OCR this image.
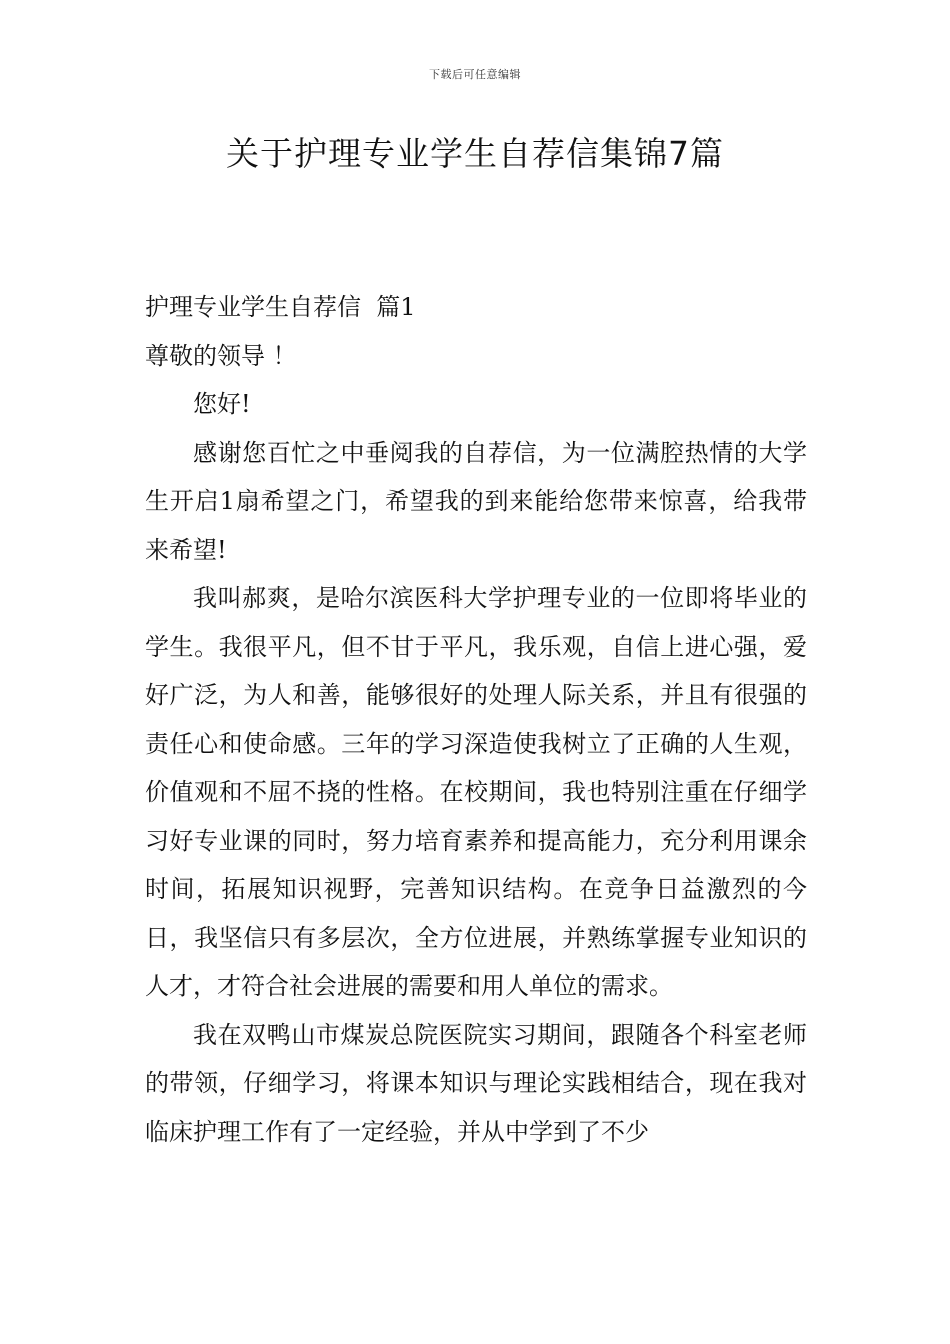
下载后可任意编辑
关于护理专业学生自荐信集锦7篇

护理专业学生自荐信  篇1

尊敬的领导 ！

您好!

感谢您百忙之中垂阅我的自荐信，为一位满腔热情的大学生开启1扇希望之门，希望我的到来能给您带来惊喜，给我带来希望!

我叫郝爽，是哈尔滨医科大学护理专业的一位即将毕业的学生。我很平凡，但不甘于平凡，我乐观，自信上进心强，爱好广泛，为人和善，能够很好的处理人际关系，并且有很强的责任心和使命感。三年的学习深造使我树立了正确的人生观，价值观和不屈不挠的性格。在校期间，我也特别注重在仔细学习好专业课的同时，努力培育素养和提高能力，充分利用课余时间，拓展知识视野，完善知识结构。在竞争日益激烈的今日，我坚信只有多层次，全方位进展，并熟练掌握专业知识的人才，才符合社会进展的需要和用人单位的需求。

我在双鸭山市煤炭总院医院实习期间，跟随各个科室老师的带领，仔细学习，将课本知识与理论实践相结合，现在我对临床护理工作有了一定经验，并从中学到了不少
